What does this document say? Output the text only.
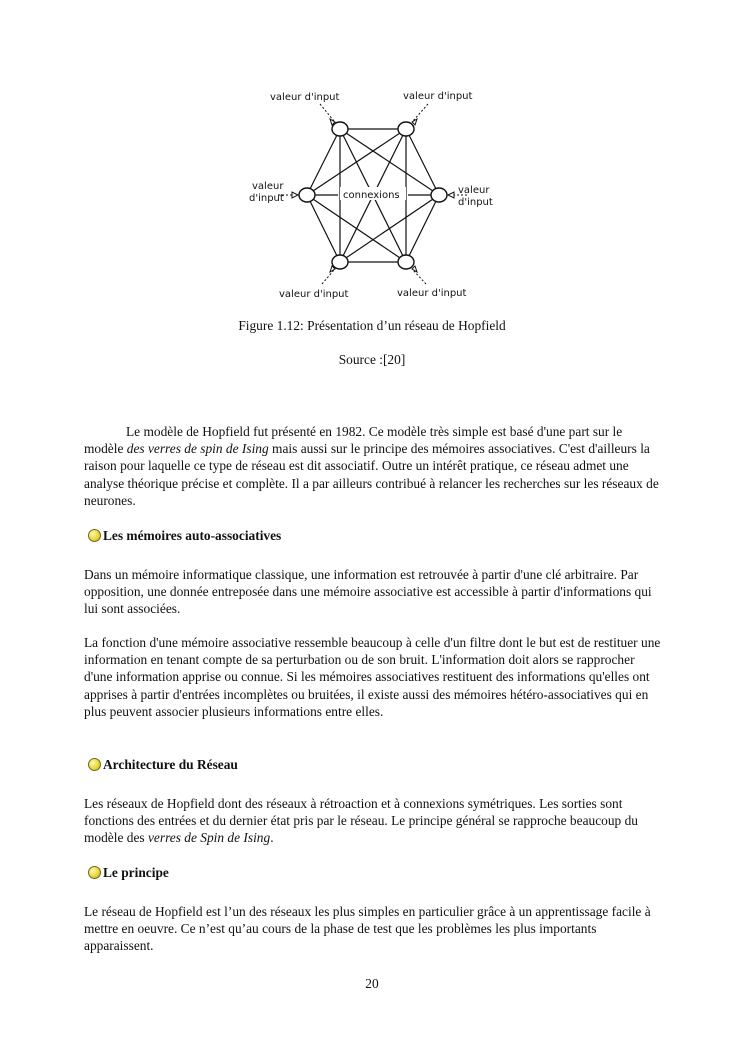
valeur d'input	valeur d'input
valeur
d'input	connexions	valeur
d'input
valeur d'input	valeur d'input
Figure 1.12: Présentation d’un réseau de Hopfield
Source :[20]

Le modèle de Hopfield fut présenté en 1982. Ce modèle très simple est basé d'une part sur le modèle des verres de spin de Ising mais aussi sur le principe des mémoires associatives. C'est d'ailleurs la raison pour laquelle ce type de réseau est dit associatif. Outre un intérêt pratique, ce réseau admet une analyse théorique précise et complète. Il a par ailleurs contribué à relancer les recherches sur les réseaux de neurones.

Les mémoires auto-associatives

Dans un mémoire informatique classique, une information est retrouvée à partir d'une clé arbitraire. Par opposition, une donnée entreposée dans une mémoire associative est accessible à partir d'informations qui lui sont associées.

La fonction d'une mémoire associative ressemble beaucoup à celle d'un filtre dont le but est de restituer une information en tenant compte de sa perturbation ou de son bruit. L'information doit alors se rapprocher d'une information apprise ou connue. Si les mémoires associatives restituent des informations qu'elles ont apprises à partir d'entrées incomplètes ou bruitées, il existe aussi des mémoires hétéro-associatives qui en plus peuvent associer plusieurs informations entre elles.

Architecture du Réseau

Les réseaux de Hopfield dont des réseaux à rétroaction et à connexions symétriques. Les sorties sont fonctions des entrées et du dernier état pris par le réseau. Le principe général se rapproche beaucoup du modèle des verres de Spin de Ising.

Le principe

Le réseau de Hopfield est l’un des réseaux les plus simples en particulier grâce à un apprentissage facile à mettre en oeuvre. Ce n’est qu’au cours de la phase de test que les problèmes les plus importants apparaissent.

20
